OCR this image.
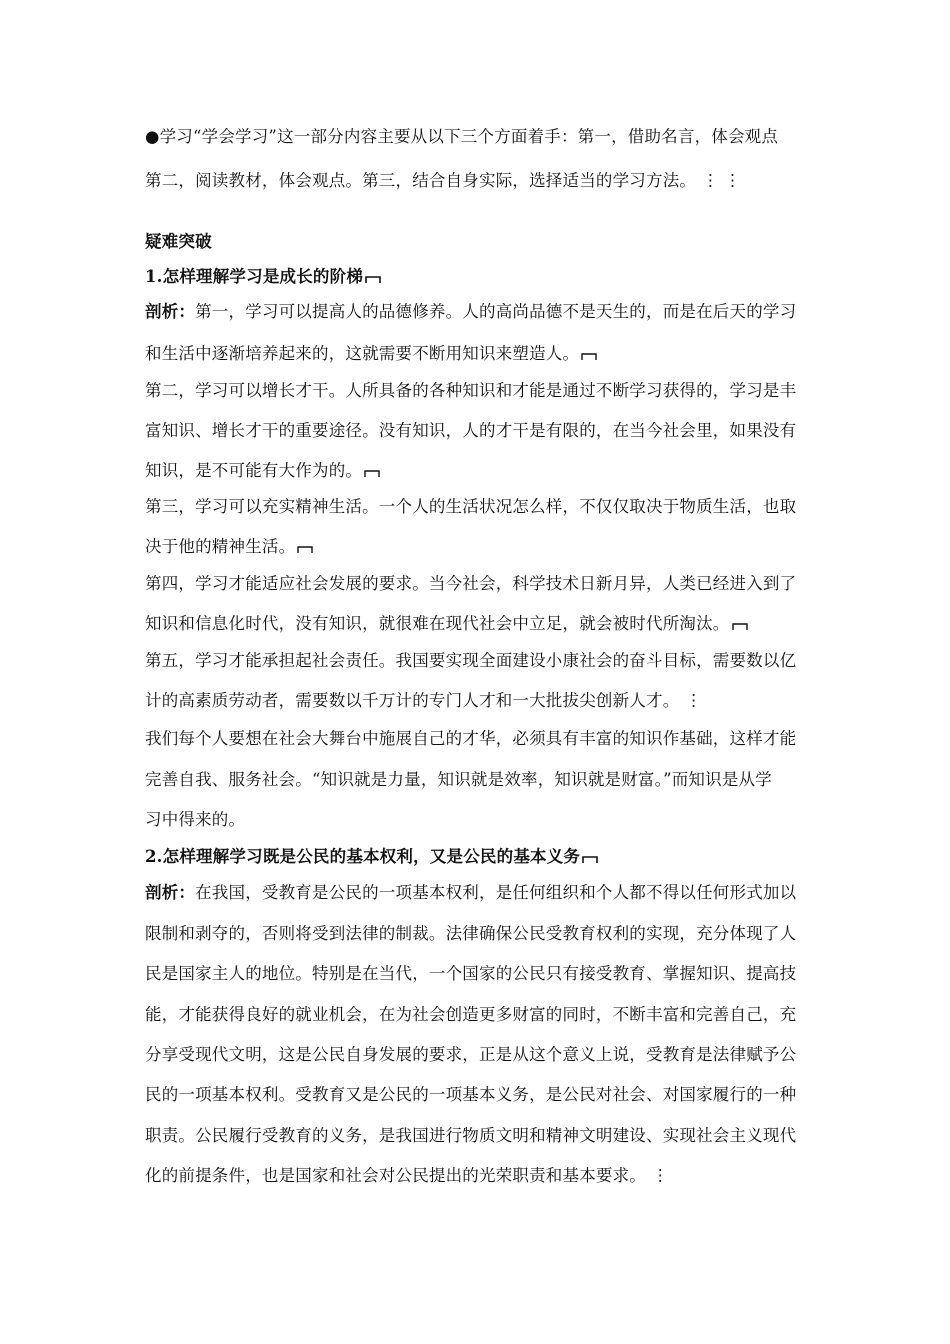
●学习“学会学习”这一部分内容主要从以下三个方面着手：第一，借助名言，体会观点
第二，阅读教材，体会观点。第三，结合自身实际，选择适当的学习方法。 ⋮ ⋮
疑难突破
1.怎样理解学习是成长的阶梯
剖析：第一，学习可以提高人的品德修养。人的高尚品德不是天生的，而是在后天的学习
和生活中逐渐培养起来的，这就需要不断用知识来塑造人。
第二，学习可以增长才干。人所具备的各种知识和才能是通过不断学习获得的，学习是丰
富知识、增长才干的重要途径。没有知识，人的才干是有限的，在当今社会里，如果没有
知识，是不可能有大作为的。
第三，学习可以充实精神生活。一个人的生活状况怎么样，不仅仅取决于物质生活，也取
决于他的精神生活。
第四，学习才能适应社会发展的要求。当今社会，科学技术日新月异，人类已经进入到了
知识和信息化时代，没有知识，就很难在现代社会中立足，就会被时代所淘汰。
第五，学习才能承担起社会责任。我国要实现全面建设小康社会的奋斗目标，需要数以亿
计的高素质劳动者，需要数以千万计的专门人才和一大批拔尖创新人才。 ⋮
我们每个人要想在社会大舞台中施展自己的才华，必须具有丰富的知识作基础，这样才能
完善自我、服务社会。“知识就是力量，知识就是效率，知识就是财富。”而知识是从学
习中得来的。
2.怎样理解学习既是公民的基本权利，又是公民的基本义务
剖析：在我国，受教育是公民的一项基本权利，是任何组织和个人都不得以任何形式加以
限制和剥夺的，否则将受到法律的制裁。法律确保公民受教育权利的实现，充分体现了人
民是国家主人的地位。特别是在当代，一个国家的公民只有接受教育、掌握知识、提高技
能，才能获得良好的就业机会，在为社会创造更多财富的同时，不断丰富和完善自己，充
分享受现代文明，这是公民自身发展的要求，正是从这个意义上说，受教育是法律赋予公
民的一项基本权利。受教育又是公民的一项基本义务，是公民对社会、对国家履行的一种
职责。公民履行受教育的义务，是我国进行物质文明和精神文明建设、实现社会主义现代
化的前提条件，也是国家和社会对公民提出的光荣职责和基本要求。 ⋮
